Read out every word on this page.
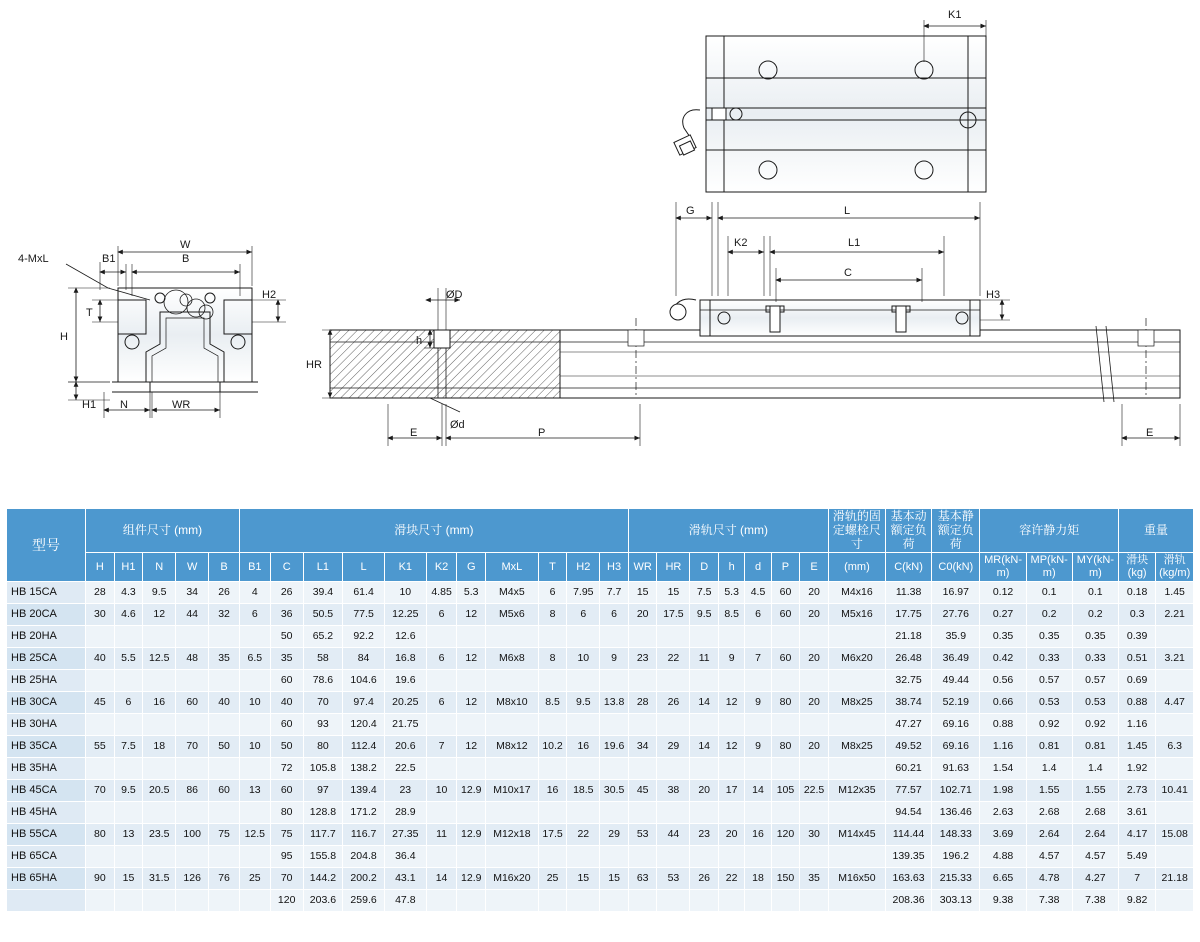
K1
W
B1	B
4-MxL
T
H
H1
H2
N	WR
G	L
K2	L1
C
H3
ØD
h
HR
Ød
E	P	E
型号	组件尺寸 (mm)					滑块尺寸 (mm)											滑轨尺寸 (mm)							滑轨的固定螺栓尺寸	基本动额定负荷	基本静额定负荷	容许静力矩			重量	
	H	H1	N	W	B	B1	C	L1	L	K1	K2	G	MxL	T	H2	H3	WR	HR	D	h	d	P	E	(mm)	C(kN)	C0(kN)	MR(kN-m)	MP(kN-m)	MY(kN-m)	滑块(kg)	滑轨(kg/m)
HB 15CA	28	4.3	9.5	34	26	4	26	39.4	61.4	10	4.85	5.3	M4x5	6	7.95	7.7	15	15	7.5	5.3	4.5	60	20	M4x16	11.38	16.97	0.12	0.1	0.1	0.18	1.45
HB 20CA	30	4.6	12	44	32	6	36	50.5	77.5	12.25	6	12	M5x6	8	6	6	20	17.5	9.5	8.5	6	60	20	M5x16	17.75	27.76	0.27	0.2	0.2	0.3	2.21
HB 20HA							50	65.2	92.2	12.6															21.18	35.9	0.35	0.35	0.35	0.39	
HB 25CA	40	5.5	12.5	48	35	6.5	35	58	84	16.8	6	12	M6x8	8	10	9	23	22	11	9	7	60	20	M6x20	26.48	36.49	0.42	0.33	0.33	0.51	3.21
HB 25HA							60	78.6	104.6	19.6															32.75	49.44	0.56	0.57	0.57	0.69	
HB 30CA	45	6	16	60	40	10	40	70	97.4	20.25	6	12	M8x10	8.5	9.5	13.8	28	26	14	12	9	80	20	M8x25	38.74	52.19	0.66	0.53	0.53	0.88	4.47
HB 30HA							60	93	120.4	21.75															47.27	69.16	0.88	0.92	0.92	1.16	
HB 35CA	55	7.5	18	70	50	10	50	80	112.4	20.6	7	12	M8x12	10.2	16	19.6	34	29	14	12	9	80	20	M8x25	49.52	69.16	1.16	0.81	0.81	1.45	6.3
HB 35HA							72	105.8	138.2	22.5															60.21	91.63	1.54	1.4	1.4	1.92	
HB 45CA	70	9.5	20.5	86	60	13	60	97	139.4	23	10	12.9	M10x17	16	18.5	30.5	45	38	20	17	14	105	22.5	M12x35	77.57	102.71	1.98	1.55	1.55	2.73	10.41
HB 45HA							80	128.8	171.2	28.9															94.54	136.46	2.63	2.68	2.68	3.61	
HB 55CA	80	13	23.5	100	75	12.5	75	117.7	116.7	27.35	11	12.9	M12x18	17.5	22	29	53	44	23	20	16	120	30	M14x45	114.44	148.33	3.69	2.64	2.64	4.17	15.08
HB 65CA							95	155.8	204.8	36.4															139.35	196.2	4.88	4.57	4.57	5.49	
HB 65HA	90	15	31.5	126	76	25	70	144.2	200.2	43.1	14	12.9	M16x20	25	15	15	63	53	26	22	18	150	35	M16x50	163.63	215.33	6.65	4.78	4.27	7	21.18
							120	203.6	259.6	47.8															208.36	303.13	9.38	7.38	7.38	9.82	
